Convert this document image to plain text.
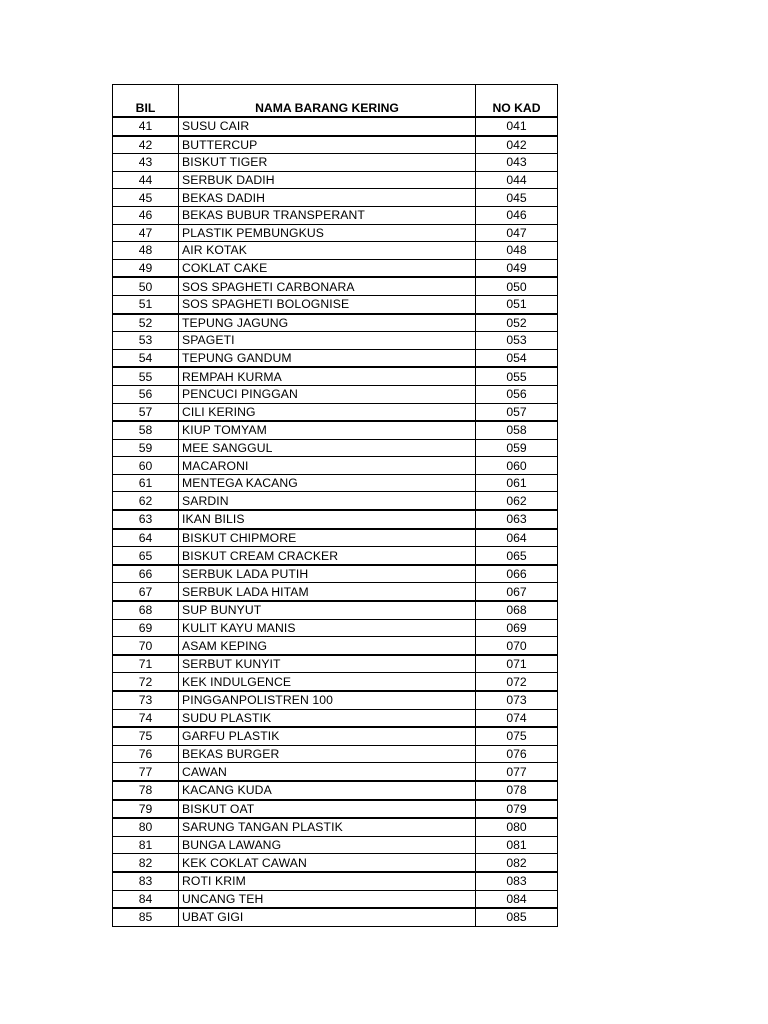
BIL	NAMA BARANG KERING	NO KAD
41	SUSU CAIR	041
42	BUTTERCUP	042
43	BISKUT TIGER	043
44	SERBUK DADIH	044
45	BEKAS DADIH	045
46	BEKAS BUBUR TRANSPERANT	046
47	PLASTIK PEMBUNGKUS	047
48	AIR KOTAK	048
49	COKLAT CAKE	049
50	SOS SPAGHETI CARBONARA	050
51	SOS SPAGHETI BOLOGNISE	051
52	TEPUNG JAGUNG	052
53	SPAGETI	053
54	TEPUNG GANDUM	054
55	REMPAH KURMA	055
56	PENCUCI PINGGAN	056
57	CILI KERING	057
58	KIUP TOMYAM	058
59	MEE SANGGUL	059
60	MACARONI	060
61	MENTEGA KACANG	061
62	SARDIN	062
63	IKAN BILIS	063
64	BISKUT CHIPMORE	064
65	BISKUT CREAM CRACKER	065
66	SERBUK LADA PUTIH	066
67	SERBUK LADA HITAM	067
68	SUP BUNYUT	068
69	KULIT KAYU MANIS	069
70	ASAM KEPING	070
71	SERBUT KUNYIT	071
72	KEK INDULGENCE	072
73	PINGGANPOLISTREN 100	073
74	SUDU PLASTIK	074
75	GARFU PLASTIK	075
76	BEKAS BURGER	076
77	CAWAN	077
78	KACANG KUDA	078
79	BISKUT OAT	079
80	SARUNG TANGAN PLASTIK	080
81	BUNGA LAWANG	081
82	KEK COKLAT CAWAN	082
83	ROTI KRIM	083
84	UNCANG TEH	084
85	UBAT GIGI	085
